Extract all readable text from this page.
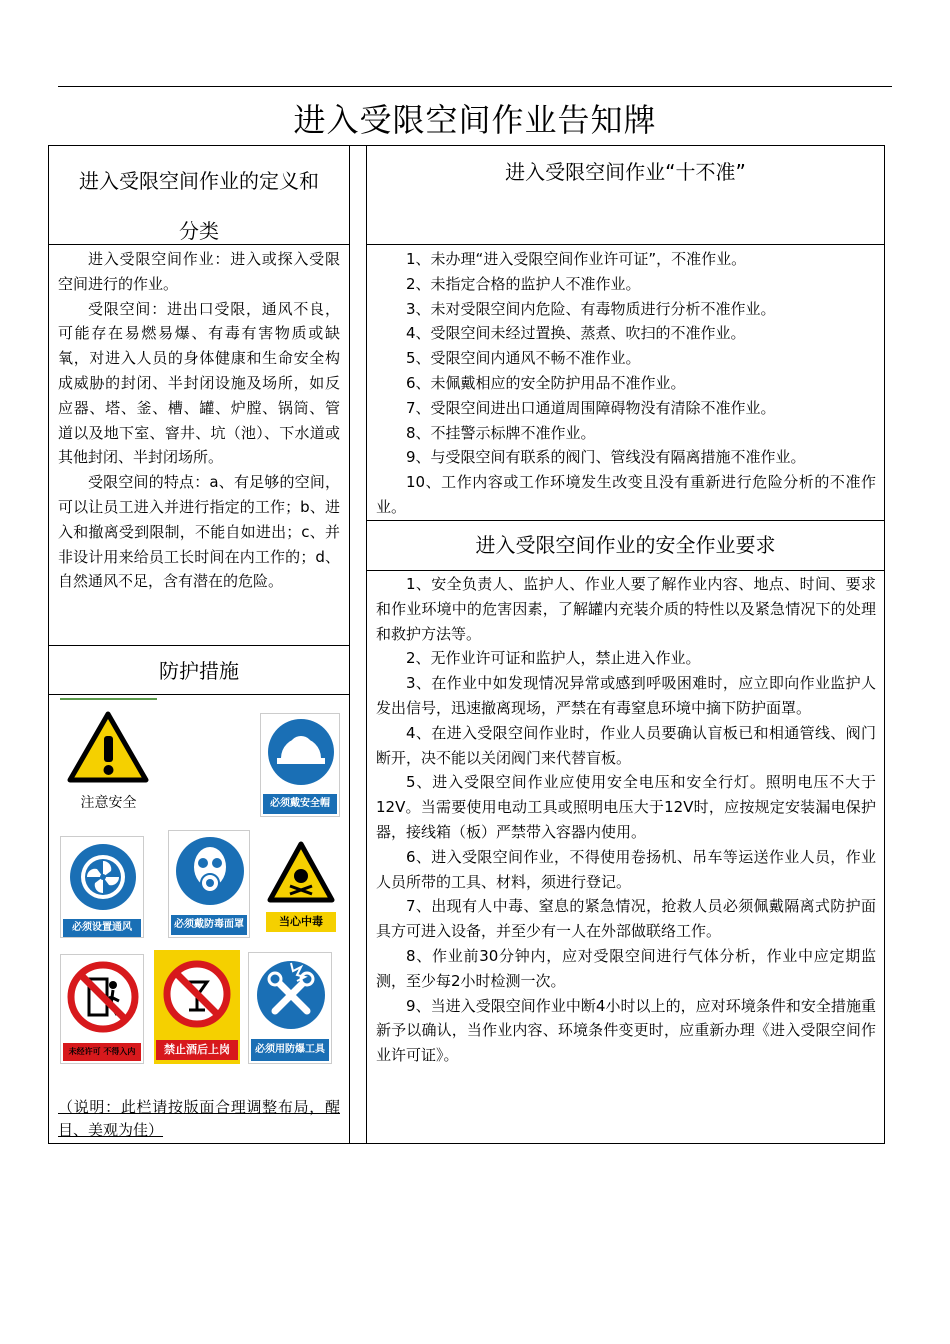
进入受限空间作业告知牌
进入受限空间作业的定义和
分类

进入受限空间作业：进入或探入受限空间进行的作业。

受限空间：进出口受限，通风不良，可能存在易燃易爆、有毒有害物质或缺氧，对进入人员的身体健康和生命安全构成威胁的封闭、半封闭设施及场所，如反应器、塔、釜、槽、罐、炉膛、锅筒、管道以及地下室、窨井、坑（池）、下水道或其他封闭、半封闭场所。

受限空间的特点：a、有足够的空间，可以让员工进入并进行指定的工作；b、进入和撤离受到限制，不能自如进出；c、并非设计用来给员工长时间在内工作的；d、自然通风不足，含有潜在的危险。

防护措施
注意安全	必须戴安全帽
必须设置通风	必须戴防毒面罩	当心中毒
未经许可 不得入内	禁止酒后上岗	必须用防爆工具
（说明：此栏请按版面合理调整布局，醒目、美观为佳）
进入受限空间作业“十不准”

1、未办理“进入受限空间作业许可证”，不准作业。

2、未指定合格的监护人不准作业。

3、未对受限空间内危险、有毒物质进行分析不准作业。

4、受限空间未经过置换、蒸煮、吹扫的不准作业。

5、受限空间内通风不畅不准作业。

6、未佩戴相应的安全防护用品不准作业。

7、受限空间进出口通道周围障碍物没有清除不准作业。

8、不挂警示标牌不准作业。

9、与受限空间有联系的阀门、管线没有隔离措施不准作业。

10、工作内容或工作环境发生改变且没有重新进行危险分析的不准作业。

进入受限空间作业的安全作业要求

1、安全负责人、监护人、作业人要了解作业内容、地点、时间、要求和作业环境中的危害因素，了解罐内充装介质的特性以及紧急情况下的处理和救护方法等。

2、无作业许可证和监护人，禁止进入作业。

3、在作业中如发现情况异常或感到呼吸困难时，应立即向作业监护人发出信号，迅速撤离现场，严禁在有毒窒息环境中摘下防护面罩。

4、在进入受限空间作业时，作业人员要确认盲板已和相通管线、阀门断开，决不能以关闭阀门来代替盲板。

5、进入受限空间作业应使用安全电压和安全行灯。照明电压不大于12V。当需要使用电动工具或照明电压大于12V时，应按规定安装漏电保护器，接线箱（板）严禁带入容器内使用。

6、进入受限空间作业，不得使用卷扬机、吊车等运送作业人员，作业人员所带的工具、材料，须进行登记。

7、出现有人中毒、窒息的紧急情况，抢救人员必须佩戴隔离式防护面具方可进入设备，并至少有一人在外部做联络工作。

8、作业前30分钟内，应对受限空间进行气体分析，作业中应定期监测，至少每2小时检测一次。

9、当进入受限空间作业中断4小时以上的，应对环境条件和安全措施重新予以确认，当作业内容、环境条件变更时，应重新办理《进入受限空间作业许可证》。
